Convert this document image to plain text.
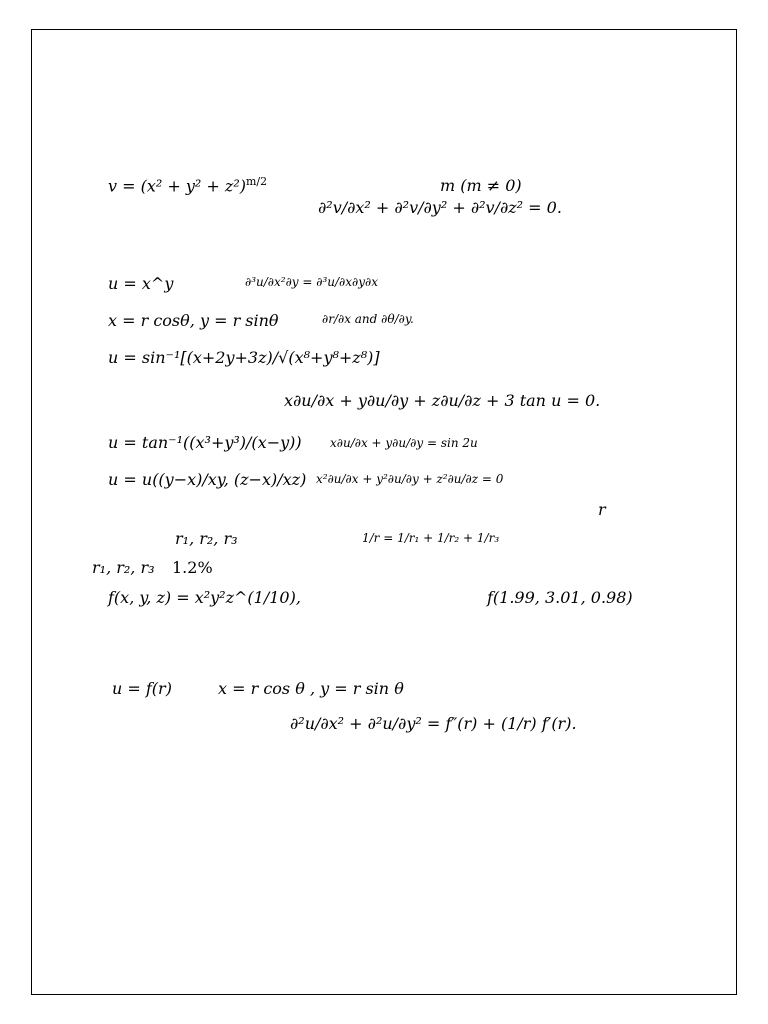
$v = (x^2 + y^2 + z^2)^{m/2}$	m (m ≠ 0)
∂²v/∂x² + ∂²v/∂y² + ∂²v/∂z² = 0.
u = x^y	∂³u/∂x²∂y = ∂³u/∂x∂y∂x
x = r cosθ, y = r sinθ	∂r/∂x and ∂θ/∂y.
u = sin⁻¹[(x+2y+3z)/√(x⁸+y⁸+z⁸)]
x∂u/∂x + y∂u/∂y + z∂u/∂z + 3 tan u = 0.
u = tan⁻¹((x³+y³)/(x−y)) x∂u/∂x + y∂u/∂y = sin 2u
u = u((y−x)/xy, (z−x)/xz) x²∂u/∂x + y²∂u/∂y + z²∂u/∂z = 0
r
r₁, r₂, r₃	1/r = 1/r₁ + 1/r₂ + 1/r₃
r₁, r₂, r₃ 1.2%
f(x, y, z) = x²y²z^(1/10),	f(1.99, 3.01, 0.98)
u = f(r)	x = r cos θ , y = r sin θ
∂²u/∂x² + ∂²u/∂y² = f″(r) + (1/r) f′(r).
